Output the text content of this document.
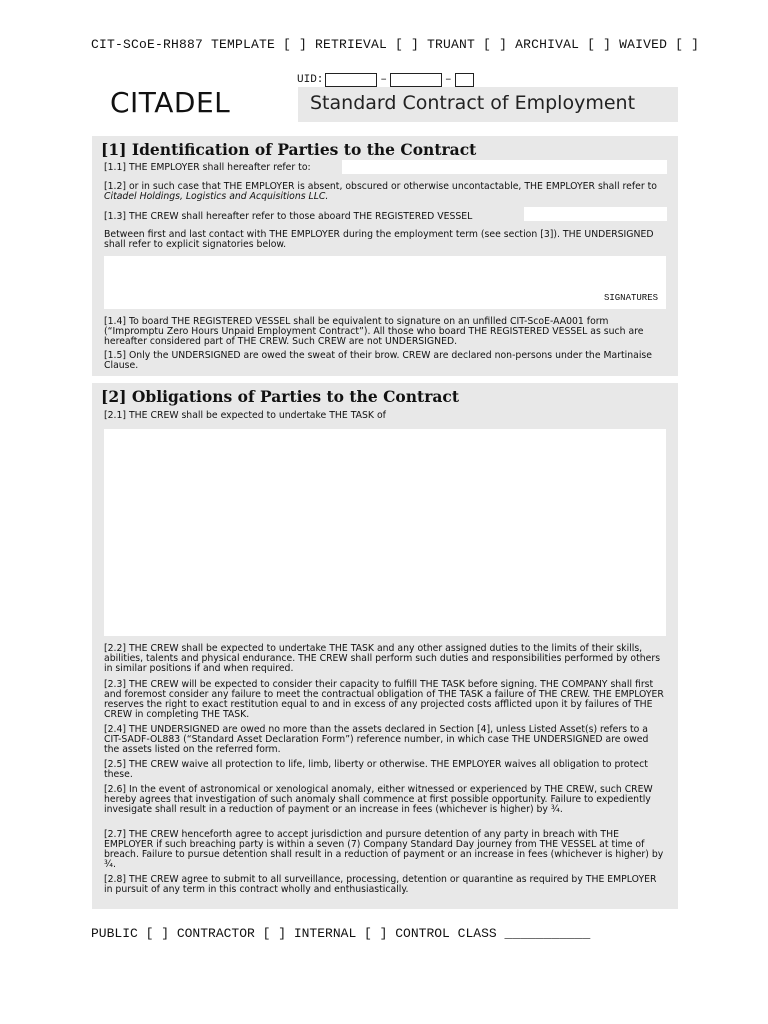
CIT-SCoE-RH887 TEMPLATE [ ] RETRIEVAL [ ] TRUANT [ ] ARCHIVAL [ ] WAIVED [ ]
UID:	–	–
CITADEL	Standard Contract of Employment
[1] Identification of Parties to the Contract
[1.1] THE EMPLOYER shall hereafter refer to:
[1.2] or in such case that THE EMPLOYER is absent, obscured or otherwise uncontactable, THE EMPLOYER shall refer to Citadel Holdings, Logistics and Acquisitions LLC.
[1.3] THE CREW shall hereafter refer to those aboard THE REGISTERED VESSEL
Between first and last contact with THE EMPLOYER during the employment term (see section [3]). THE UNDERSIGNED shall refer to explicit signatories below.
SIGNATURES
[1.4] To board THE REGISTERED VESSEL shall be equivalent to signature on an unfilled CIT-ScoE-AA001 form (“Impromptu Zero Hours Unpaid Employment Contract”). All those who board THE REGISTERED VESSEL as such are hereafter considered part of THE CREW. Such CREW are not UNDERSIGNED.
[1.5] Only the UNDERSIGNED are owed the sweat of their brow. CREW are declared non-persons under the Martinaise Clause.
[2] Obligations of Parties to the Contract
[2.1] THE CREW shall be expected to undertake THE TASK of
[2.2] THE CREW shall be expected to undertake THE TASK and any other assigned duties to the limits of their skills, abilities, talents and physical endurance. THE CREW shall perform such duties and responsibilities performed by others in similar positions if and when required.
[2.3] THE CREW will be expected to consider their capacity to fulfill THE TASK before signing. THE COMPANY shall first and foremost consider any failure to meet the contractual obligation of THE TASK a failure of THE CREW. THE EMPLOYER reserves the right to exact restitution equal to and in excess of any projected costs afflicted upon it by failures of THE CREW in completing THE TASK.
[2.4] THE UNDERSIGNED are owed no more than the assets declared in Section [4], unless Listed Asset(s) refers to a CIT-SADF-OL883 (“Standard Asset Declaration Form”) reference number, in which case THE UNDERSIGNED are owed the assets listed on the referred form.
[2.5] THE CREW waive all protection to life, limb, liberty or otherwise. THE EMPLOYER waives all obligation to protect these.
[2.6] In the event of astronomical or xenological anomaly, either witnessed or experienced by THE CREW, such CREW hereby agrees that investigation of such anomaly shall commence at first possible opportunity. Failure to expediently invesigate shall result in a reduction of payment or an increase in fees (whichever is higher) by ¾.
[2.7] THE CREW henceforth agree to accept jurisdiction and pursure detention of any party in breach with THE EMPLOYER if such breaching party is within a seven (7) Company Standard Day journey from THE VESSEL at time of breach. Failure to pursue detention shall result in a reduction of payment or an increase in fees (whichever is higher) by ¾.
[2.8] THE CREW agree to submit to all surveillance, processing, detention or quarantine as required by THE EMPLOYER in pursuit of any term in this contract wholly and enthusiastically.
PUBLIC [ ] CONTRACTOR [ ] INTERNAL [ ] CONTROL CLASS ___________
